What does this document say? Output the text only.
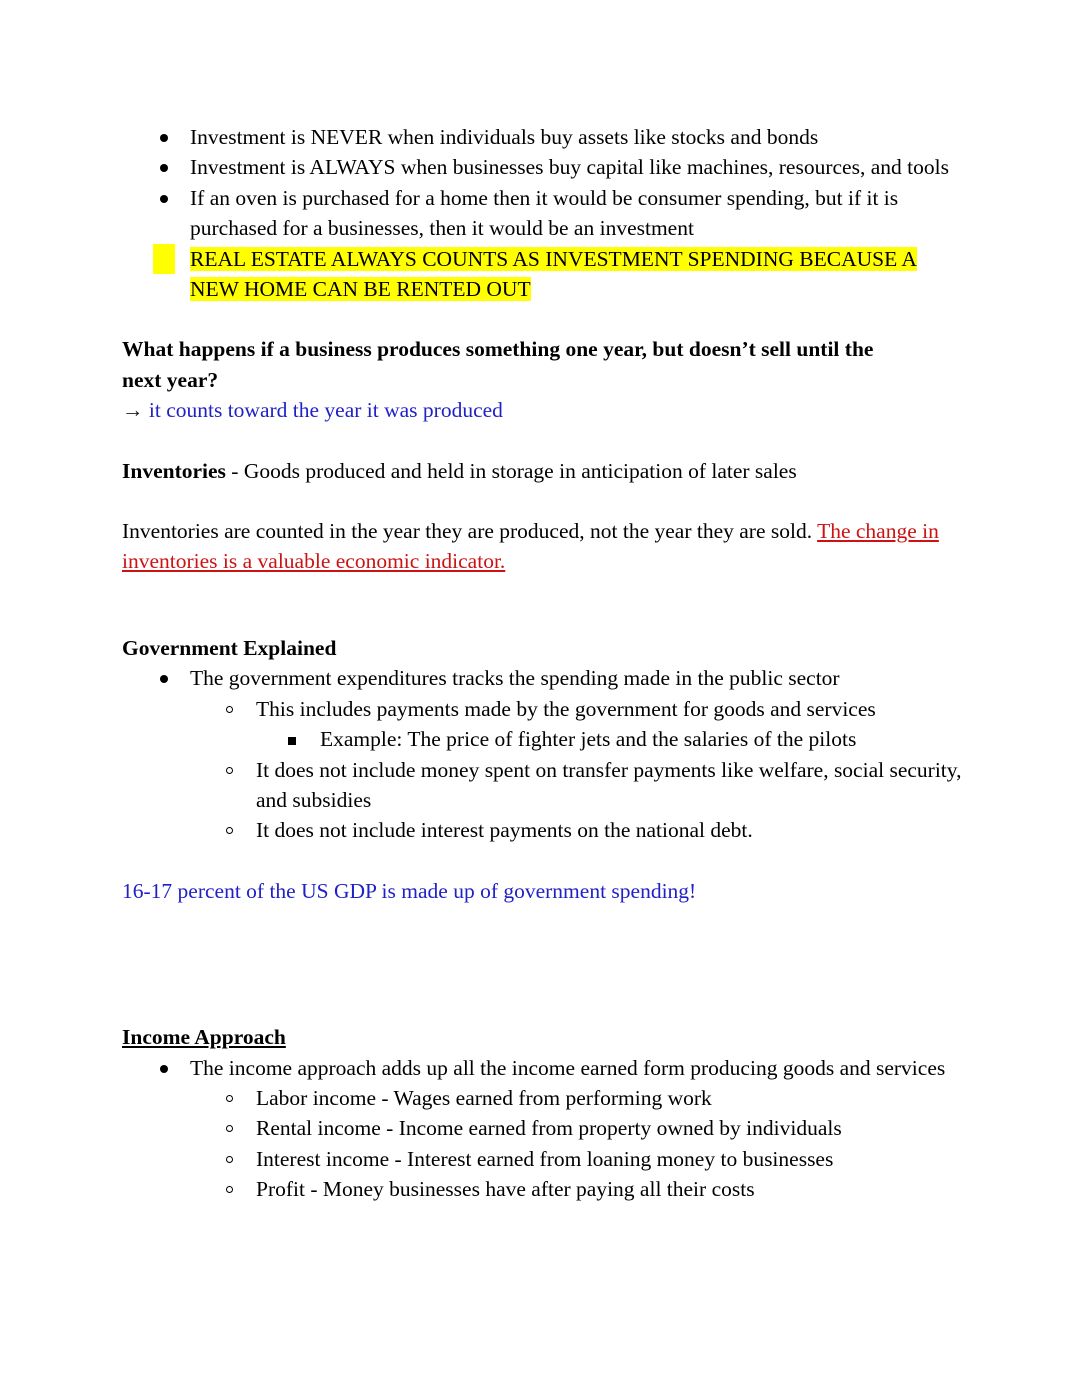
Investment is NEVER when individuals buy assets like stocks and bonds
Investment is ALWAYS when businesses buy capital like machines, resources, and tools
If an oven is purchased for a home then it would be consumer spending, but if it is purchased for a businesses, then it would be an investment
REAL ESTATE ALWAYS COUNTS AS INVESTMENT SPENDING BECAUSE A NEW HOME CAN BE RENTED OUT
What happens if a business produces something one year, but doesn’t sell until the
next year?
→ it counts toward the year it was produced
Inventories - Goods produced and held in storage in anticipation of later sales
Inventories are counted in the year they are produced, not the year they are sold. The change in inventories is a valuable economic indicator.
Government Explained
The government expenditures tracks the spending made in the public sector
This includes payments made by the government for goods and services
Example: The price of fighter jets and the salaries of the pilots
It does not include money spent on transfer payments like welfare, social security, and subsidies
It does not include interest payments on the national debt.
16-17 percent of the US GDP is made up of government spending!
Income Approach
The income approach adds up all the income earned form producing goods and services
Labor income - Wages earned from performing work
Rental income - Income earned from property owned by individuals
Interest income - Interest earned from loaning money to businesses
Profit - Money businesses have after paying all their costs
